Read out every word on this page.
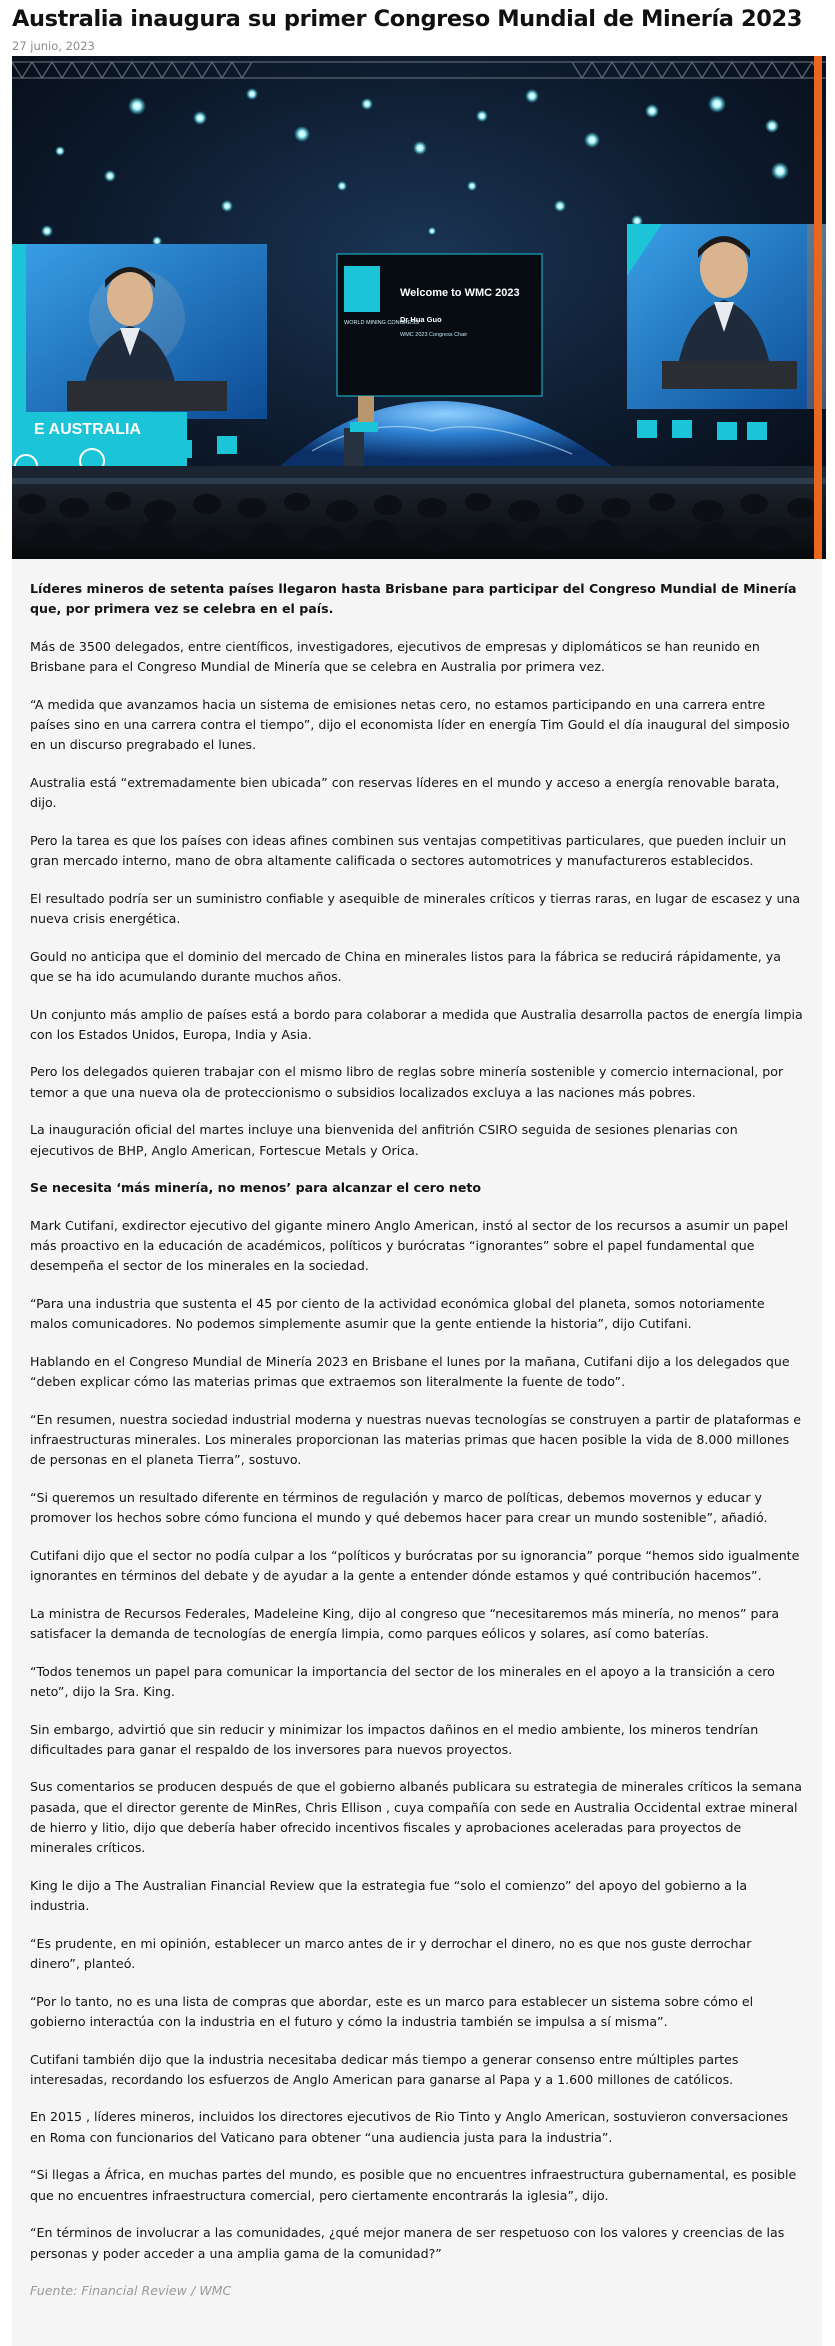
Australia inaugura su primer Congreso Mundial de Minería 2023
27 junio, 2023
E AUSTRALIA
WORLD MINING CONGRESS
Welcome to WMC 2023
Dr Hua Guo
WMC 2023 Congress Chair

Líderes mineros de setenta países llegaron hasta Brisbane para participar del Congreso Mundial de Minería que, por primera vez se celebra en el país.

Más de 3500 delegados, entre científicos, investigadores, ejecutivos de empresas y diplomáticos se han reunido en Brisbane para el Congreso Mundial de Minería que se celebra en Australia por primera vez.

“A medida que avanzamos hacia un sistema de emisiones netas cero, no estamos participando en una carrera entre países sino en una carrera contra el tiempo”, dijo el economista líder en energía Tim Gould el día inaugural del simposio en un discurso pregrabado el lunes.

Australia está “extremadamente bien ubicada” con reservas líderes en el mundo y acceso a energía renovable barata, dijo.

Pero la tarea es que los países con ideas afines combinen sus ventajas competitivas particulares, que pueden incluir un gran mercado interno, mano de obra altamente calificada o sectores automotrices y manufactureros establecidos.

El resultado podría ser un suministro confiable y asequible de minerales críticos y tierras raras, en lugar de escasez y una nueva crisis energética.

Gould no anticipa que el dominio del mercado de China en minerales listos para la fábrica se reducirá rápidamente, ya que se ha ido acumulando durante muchos años.

Un conjunto más amplio de países está a bordo para colaborar a medida que Australia desarrolla pactos de energía limpia con los Estados Unidos, Europa, India y Asia.

Pero los delegados quieren trabajar con el mismo libro de reglas sobre minería sostenible y comercio internacional, por temor a que una nueva ola de proteccionismo o subsidios localizados excluya a las naciones más pobres.

La inauguración oficial del martes incluye una bienvenida del anfitrión CSIRO seguida de sesiones plenarias con ejecutivos de BHP, Anglo American, Fortescue Metals y Orica.

Se necesita ‘más minería, no menos’ para alcanzar el cero neto

Mark Cutifani, exdirector ejecutivo del gigante minero Anglo American, instó al sector de los recursos a asumir un papel más proactivo en la educación de académicos, políticos y burócratas “ignorantes” sobre el papel fundamental que desempeña el sector de los minerales en la sociedad.

“Para una industria que sustenta el 45 por ciento de la actividad económica global del planeta, somos notoriamente malos comunicadores. No podemos simplemente asumir que la gente entiende la historia”, dijo Cutifani.

Hablando en el Congreso Mundial de Minería 2023 en Brisbane el lunes por la mañana, Cutifani dijo a los delegados que “deben explicar cómo las materias primas que extraemos son literalmente la fuente de todo”.

“En resumen, nuestra sociedad industrial moderna y nuestras nuevas tecnologías se construyen a partir de plataformas e infraestructuras minerales. Los minerales proporcionan las materias primas que hacen posible la vida de 8.000 millones de personas en el planeta Tierra”, sostuvo.

“Si queremos un resultado diferente en términos de regulación y marco de políticas, debemos movernos y educar y promover los hechos sobre cómo funciona el mundo y qué debemos hacer para crear un mundo sostenible”, añadió.

Cutifani dijo que el sector no podía culpar a los “políticos y burócratas por su ignorancia” porque “hemos sido igualmente ignorantes en términos del debate y de ayudar a la gente a entender dónde estamos y qué contribución hacemos”.

La ministra de Recursos Federales, Madeleine King, dijo al congreso que “necesitaremos más minería, no menos” para satisfacer la demanda de tecnologías de energía limpia, como parques eólicos y solares, así como baterías.

“Todos tenemos un papel para comunicar la importancia del sector de los minerales en el apoyo a la transición a cero neto”, dijo la Sra. King.

Sin embargo, advirtió que sin reducir y minimizar los impactos dañinos en el medio ambiente, los mineros tendrían dificultades para ganar el respaldo de los inversores para nuevos proyectos.

Sus comentarios se producen después de que el gobierno albanés publicara su estrategia de minerales críticos la semana pasada, que el director gerente de MinRes, Chris Ellison , cuya compañía con sede en Australia Occidental extrae mineral de hierro y litio, dijo que debería haber ofrecido incentivos fiscales y aprobaciones aceleradas para proyectos de minerales críticos.

King le dijo a The Australian Financial Review que la estrategia fue “solo el comienzo” del apoyo del gobierno a la industria.

“Es prudente, en mi opinión, establecer un marco antes de ir y derrochar el dinero, no es que nos guste derrochar dinero”, planteó.

“Por lo tanto, no es una lista de compras que abordar, este es un marco para establecer un sistema sobre cómo el gobierno interactúa con la industria en el futuro y cómo la industria también se impulsa a sí misma”.

Cutifani también dijo que la industria necesitaba dedicar más tiempo a generar consenso entre múltiples partes interesadas, recordando los esfuerzos de Anglo American para ganarse al Papa y a 1.600 millones de católicos.

En 2015 , líderes mineros, incluidos los directores ejecutivos de Rio Tinto y Anglo American, sostuvieron conversaciones en Roma con funcionarios del Vaticano para obtener “una audiencia justa para la industria”.

“Si llegas a África, en muchas partes del mundo, es posible que no encuentres infraestructura gubernamental, es posible que no encuentres infraestructura comercial, pero ciertamente encontrarás la iglesia”, dijo.

“En términos de involucrar a las comunidades, ¿qué mejor manera de ser respetuoso con los valores y creencias de las personas y poder acceder a una amplia gama de la comunidad?”

Fuente: Financial Review / WMC
